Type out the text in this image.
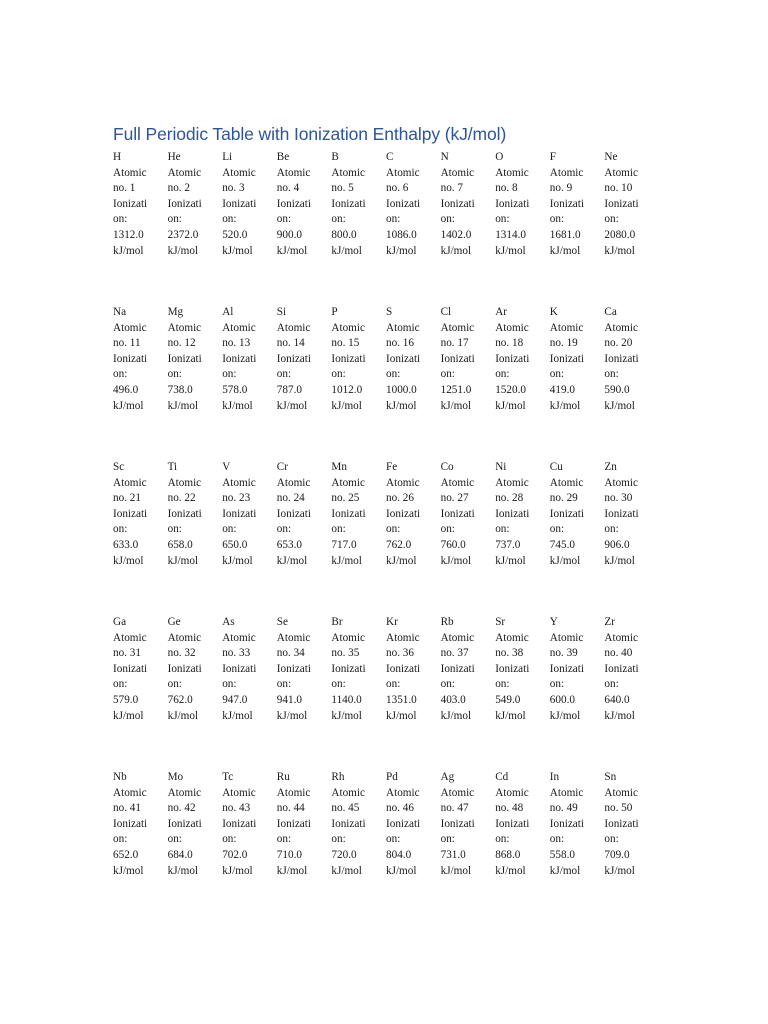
Full Periodic Table with Ionization Enthalpy (kJ/mol)
H
Atomic
no. 1
Ionizati
on:
1312.0
kJ/mol
He
Atomic
no. 2
Ionizati
on:
2372.0
kJ/mol
Li
Atomic
no. 3
Ionizati
on:
520.0
kJ/mol
Be
Atomic
no. 4
Ionizati
on:
900.0
kJ/mol
B
Atomic
no. 5
Ionizati
on:
800.0
kJ/mol
C
Atomic
no. 6
Ionizati
on:
1086.0
kJ/mol
N
Atomic
no. 7
Ionizati
on:
1402.0
kJ/mol
O
Atomic
no. 8
Ionizati
on:
1314.0
kJ/mol
F
Atomic
no. 9
Ionizati
on:
1681.0
kJ/mol
Ne
Atomic
no. 10
Ionizati
on:
2080.0
kJ/mol
Na
Atomic
no. 11
Ionizati
on:
496.0
kJ/mol
Mg
Atomic
no. 12
Ionizati
on:
738.0
kJ/mol
Al
Atomic
no. 13
Ionizati
on:
578.0
kJ/mol
Si
Atomic
no. 14
Ionizati
on:
787.0
kJ/mol
P
Atomic
no. 15
Ionizati
on:
1012.0
kJ/mol
S
Atomic
no. 16
Ionizati
on:
1000.0
kJ/mol
Cl
Atomic
no. 17
Ionizati
on:
1251.0
kJ/mol
Ar
Atomic
no. 18
Ionizati
on:
1520.0
kJ/mol
K
Atomic
no. 19
Ionizati
on:
419.0
kJ/mol
Ca
Atomic
no. 20
Ionizati
on:
590.0
kJ/mol
Sc
Atomic
no. 21
Ionizati
on:
633.0
kJ/mol
Ti
Atomic
no. 22
Ionizati
on:
658.0
kJ/mol
V
Atomic
no. 23
Ionizati
on:
650.0
kJ/mol
Cr
Atomic
no. 24
Ionizati
on:
653.0
kJ/mol
Mn
Atomic
no. 25
Ionizati
on:
717.0
kJ/mol
Fe
Atomic
no. 26
Ionizati
on:
762.0
kJ/mol
Co
Atomic
no. 27
Ionizati
on:
760.0
kJ/mol
Ni
Atomic
no. 28
Ionizati
on:
737.0
kJ/mol
Cu
Atomic
no. 29
Ionizati
on:
745.0
kJ/mol
Zn
Atomic
no. 30
Ionizati
on:
906.0
kJ/mol
Ga
Atomic
no. 31
Ionizati
on:
579.0
kJ/mol
Ge
Atomic
no. 32
Ionizati
on:
762.0
kJ/mol
As
Atomic
no. 33
Ionizati
on:
947.0
kJ/mol
Se
Atomic
no. 34
Ionizati
on:
941.0
kJ/mol
Br
Atomic
no. 35
Ionizati
on:
1140.0
kJ/mol
Kr
Atomic
no. 36
Ionizati
on:
1351.0
kJ/mol
Rb
Atomic
no. 37
Ionizati
on:
403.0
kJ/mol
Sr
Atomic
no. 38
Ionizati
on:
549.0
kJ/mol
Y
Atomic
no. 39
Ionizati
on:
600.0
kJ/mol
Zr
Atomic
no. 40
Ionizati
on:
640.0
kJ/mol
Nb
Atomic
no. 41
Ionizati
on:
652.0
kJ/mol
Mo
Atomic
no. 42
Ionizati
on:
684.0
kJ/mol
Tc
Atomic
no. 43
Ionizati
on:
702.0
kJ/mol
Ru
Atomic
no. 44
Ionizati
on:
710.0
kJ/mol
Rh
Atomic
no. 45
Ionizati
on:
720.0
kJ/mol
Pd
Atomic
no. 46
Ionizati
on:
804.0
kJ/mol
Ag
Atomic
no. 47
Ionizati
on:
731.0
kJ/mol
Cd
Atomic
no. 48
Ionizati
on:
868.0
kJ/mol
In
Atomic
no. 49
Ionizati
on:
558.0
kJ/mol
Sn
Atomic
no. 50
Ionizati
on:
709.0
kJ/mol
